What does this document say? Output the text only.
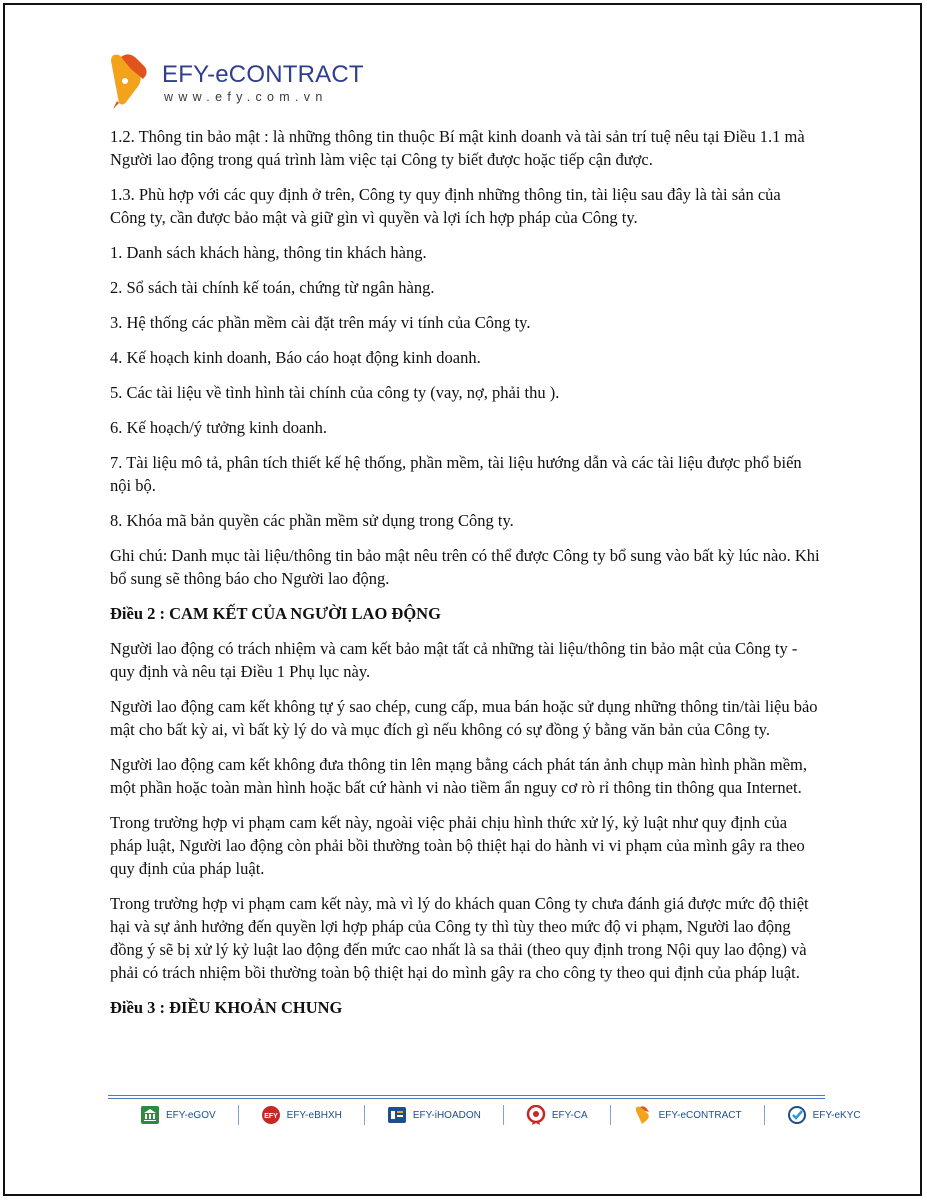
EFY-eCONTRACT
www.efy.com.vn

1.2. Thông tin bảo mật : là những thông tin thuộc Bí mật kinh doanh và tài sản trí tuệ nêu tại Điều 1.1 mà Người lao động trong quá trình làm việc tại Công ty biết được hoặc tiếp cận được.

1.3. Phù hợp với các quy định ở trên, Công ty quy định những thông tin, tài liệu sau đây là tài sản của Công ty, cần được bảo mật và giữ gìn vì quyền và lợi ích hợp pháp của Công ty.

1. Danh sách khách hàng, thông tin khách hàng.

2. Sổ sách tài chính kế toán, chứng từ ngân hàng.

3. Hệ thống các phần mềm cài đặt trên máy vi tính của Công ty.

4. Kế hoạch kinh doanh, Báo cáo hoạt động kinh doanh.

5. Các tài liệu về tình hình tài chính của công ty (vay, nợ, phải thu ).

6. Kế hoạch/ý tưởng kinh doanh.

7. Tài liệu mô tả, phân tích thiết kế hệ thống, phần mềm, tài liệu hướng dẫn và các tài liệu được phổ biến nội bộ.

8. Khóa mã bản quyền các phần mềm sử dụng trong Công ty.

Ghi chú: Danh mục tài liệu/thông tin bảo mật nêu trên có thể được Công ty bổ sung vào bất kỳ lúc nào. Khi bổ sung sẽ thông báo cho Người lao động.

Điều 2 : CAM KẾT CỦA NGƯỜI LAO ĐỘNG

Người lao động có trách nhiệm và cam kết bảo mật tất cả những tài liệu/thông tin bảo mật của Công ty - quy định và nêu tại Điều 1 Phụ lục này.

Người lao động cam kết không tự ý sao chép, cung cấp, mua bán hoặc sử dụng những thông tin/tài liệu bảo mật cho bất kỳ ai, vì bất kỳ lý do và mục đích gì nếu không có sự đồng ý bằng văn bản của Công ty.

Người lao động cam kết không đưa thông tin lên mạng bằng cách phát tán ảnh chụp màn hình phần mềm, một phần hoặc toàn màn hình hoặc bất cứ hành vi nào tiềm ẩn nguy cơ rò rỉ thông tin thông qua Internet.

Trong trường hợp vi phạm cam kết này, ngoài việc phải chịu hình thức xử lý, kỷ luật như quy định của pháp luật, Người lao động còn phải bồi thường toàn bộ thiệt hại do hành vi vi phạm của mình gây ra theo quy định của pháp luật.

Trong trường hợp vi phạm cam kết này, mà vì lý do khách quan Công ty chưa đánh giá được mức độ thiệt hại và sự ảnh hưởng đến quyền lợi hợp pháp của Công ty thì tùy theo mức độ vi phạm, Người lao động đồng ý sẽ bị xử lý kỷ luật lao động đến mức cao nhất là sa thải (theo quy định trong Nội quy lao động) và phải có trách nhiệm bồi thường toàn bộ thiệt hại do mình gây ra cho công ty theo qui định của pháp luật.

Điều 3 : ĐIỀU KHOẢN CHUNG

EFY-eGOV	EFY EFY-eBHXH	EFY-iHOADON	EFY-CA	EFY-eCONTRACT	EFY-eKYC
